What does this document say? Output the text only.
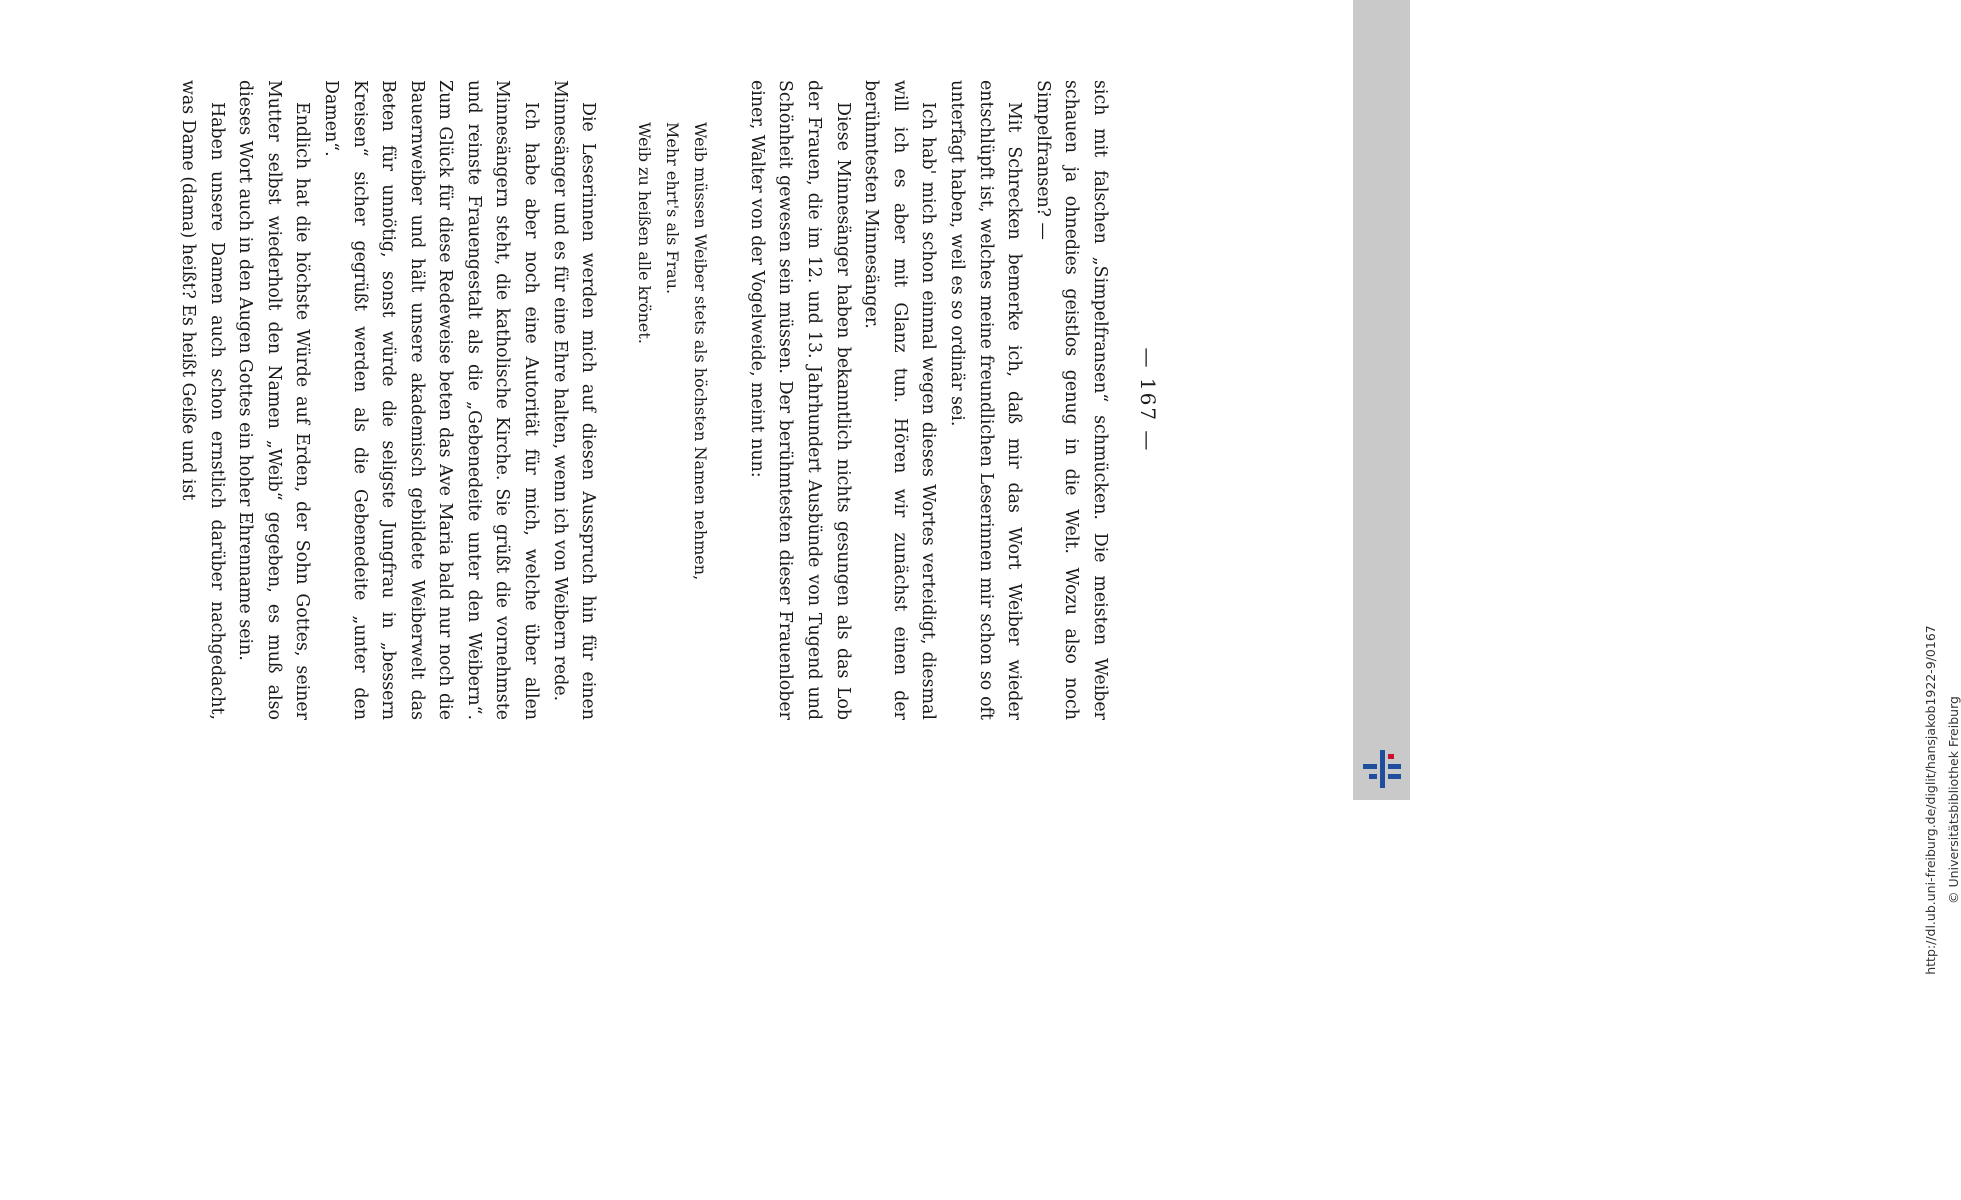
— 167 —

sich mit falschen „Simpelfransen“ schmücken. Die meisten Weiber schauen ja ohnedies geistlos genug in die Welt. Wozu also noch Simpelfransen? —

Mit Schrecken bemerke ich, daß mir das Wort Weiber wieder entschlüpft ist, welches meine freundlichen Leserinnen mir schon so oft unterfagt haben, weil es so ordinär sei.

Ich hab' mich schon einmal wegen dieses Wortes verteidigt, diesmal will ich es aber mit Glanz tun. Hören wir zunächst einen der berühmtesten Minnesänger.

Diese Minnesänger haben bekanntlich nichts gesungen als das Lob der Frauen, die im 12. und 13. Jahrhundert Ausbünde von Tugend und Schönheit gewesen sein müssen. Der berühmtesten dieser Frauenlober einer, Walter von der Vogelweide, meint nun:

Weib müssen Weiber stets als höchsten Namen nehmen,
Mehr ehrt's als Frau.
Weib zu heißen alle krönet.

Die Leserinnen werden mich auf diesen Ausspruch hin für einen Minnesänger und es für eine Ehre halten, wenn ich von Weibern rede.

Ich habe aber noch eine Autorität für mich, welche über allen Minnesängern steht, die katholische Kirche. Sie grüßt die vornehmste und reinste Frauengestalt als die „Gebenedeite unter den Weibern“. Zum Glück für diese Redeweise beten das Ave Maria bald nur noch die Bauernweiber und hält unsere akademisch gebildete Weiberwelt das Beten für unnötig, sonst würde die seligste Jungfrau in „bessern Kreisen“ sicher gegrüßt werden als die Gebenedeite „unter den Damen“.

Endlich hat die höchste Würde auf Erden, der Sohn Gottes, seiner Mutter selbst wiederholt den Namen „Weib“ gegeben, es muß also dieses Wort auch in den Augen Gottes ein hoher Ehrenname sein.

Haben unsere Damen auch schon ernstlich darüber nachgedacht, was Dame (dama) heißt? Es heißt Geiße und ist

http://dl.ub.uni-freiburg.de/diglit/hansjakob1922-9/0167 © Universitätsbibliothek Freiburg
